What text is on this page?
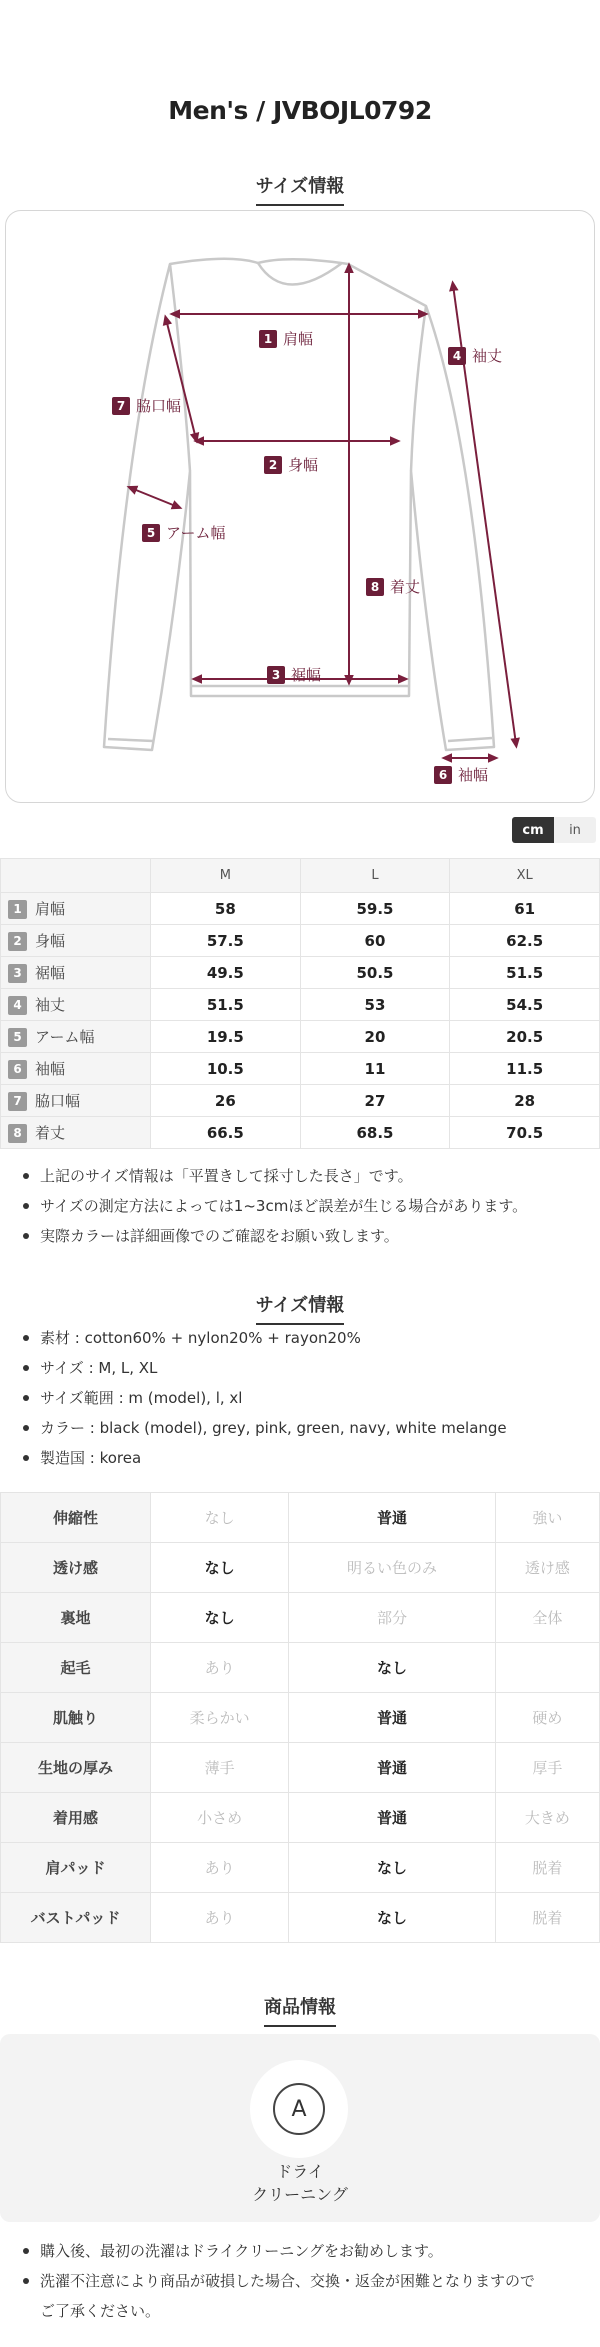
Men's / JVBOJL0792
サイズ情報
1 肩幅
2 身幅
3 裾幅
4 袖丈
5 アーム幅
6 袖幅
7 脇口幅
8 着丈
cm	in
	M	L	XL
1 肩幅	58	59.5	61
2 身幅	57.5	60	62.5
3 裾幅	49.5	50.5	51.5
4 袖丈	51.5	53	54.5
5 アーム幅	19.5	20	20.5
6 袖幅	10.5	11	11.5
7 脇口幅	26	27	28
8 着丈	66.5	68.5	70.5
上記のサイズ情報は「平置きして採寸した長さ」です。
サイズの測定方法によっては1~3cmほど誤差が生じる場合があります。
実際カラーは詳細画像でのご確認をお願い致します。
サイズ情報
素材 : cotton60% + nylon20% + rayon20%
サイズ : M, L, XL
サイズ範囲 : m (model), l, xl
カラー : black (model), grey, pink, green, navy, white melange
製造国 : korea
伸縮性	なし	普通	強い
透け感	なし	明るい色のみ	透け感
裏地	なし	部分	全体
起毛	あり	なし	
肌触り	柔らかい	普通	硬め
生地の厚み	薄手	普通	厚手
着用感	小さめ	普通	大きめ
肩パッド	あり	なし	脱着
バストパッド	あり	なし	脱着
商品情報
A
ドライ
クリーニング
購入後、最初の洗濯はドライクリーニングをお勧めします。
洗濯不注意により商品が破損した場合、交換・返金が困難となりますので
ご了承ください。
